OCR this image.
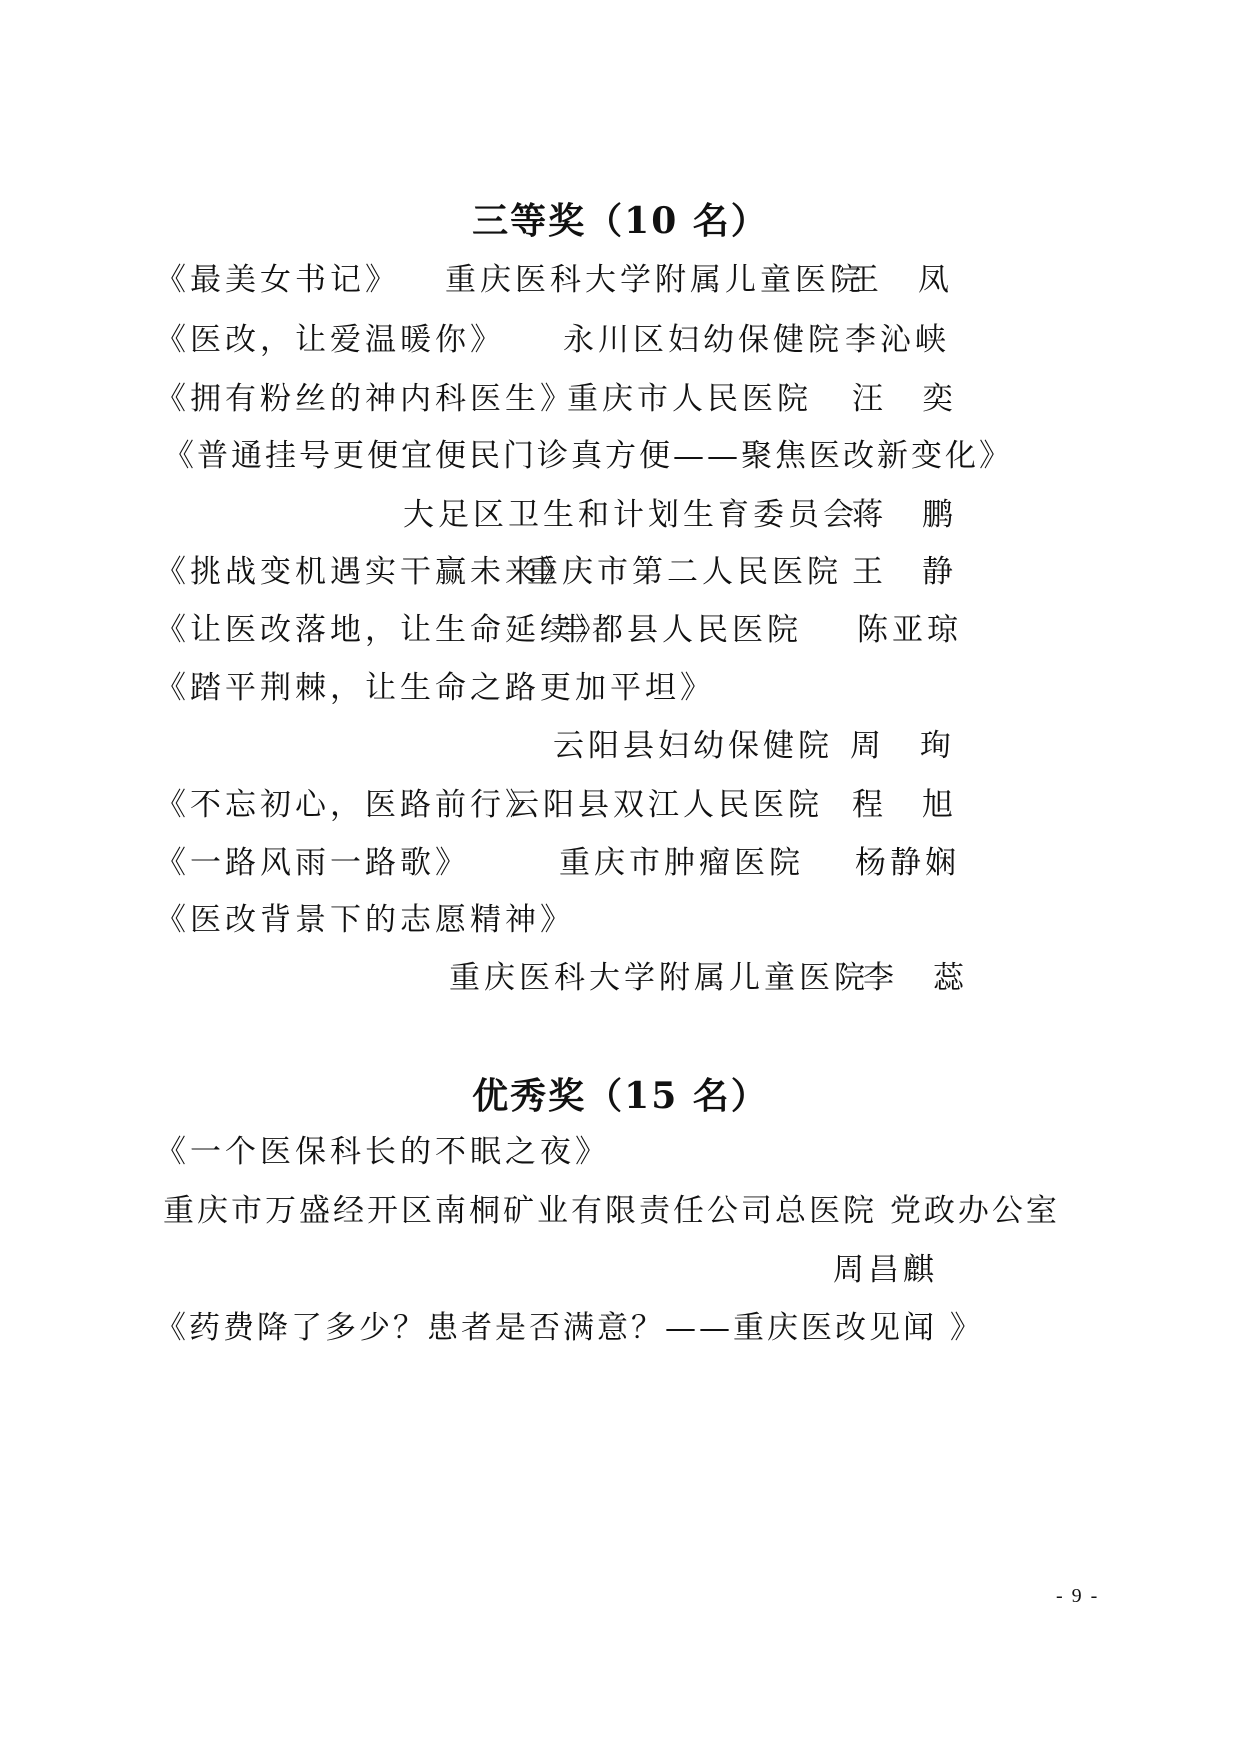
三等奖（10 名）
《最美女书记》 重庆医科大学附属儿童医院
王　凤
《医改，让爱温暖你》 永川区妇幼保健院 李沁峡
《拥有粉丝的神内科医生》
重庆市人民医院 汪　奕
《普通挂号更便宜便民门诊真方便——聚焦医改新变化》
大足区卫生和计划生育委员会
蒋　鹏
《挑战变机遇实干赢未来》
重庆市第二人民医院 王　静
《让医改落地，让生命延续》
丰都县人民医院 陈亚琼
《踏平荆棘，让生命之路更加平坦》
云阳县妇幼保健院 周　珣
《不忘初心，医路前行》
云阳县双江人民医院 程　旭
《一路风雨一路歌》	重庆市肿瘤医院 杨静娴
《医改背景下的志愿精神》
重庆医科大学附属儿童医院
李　蕊
优秀奖（15 名）
《一个医保科长的不眠之夜》
重庆市万盛经开区南桐矿业有限责任公司总医院 党政办公室
周昌麒
《药费降了多少？患者是否满意？——重庆医改见闻 》
- 9 -
